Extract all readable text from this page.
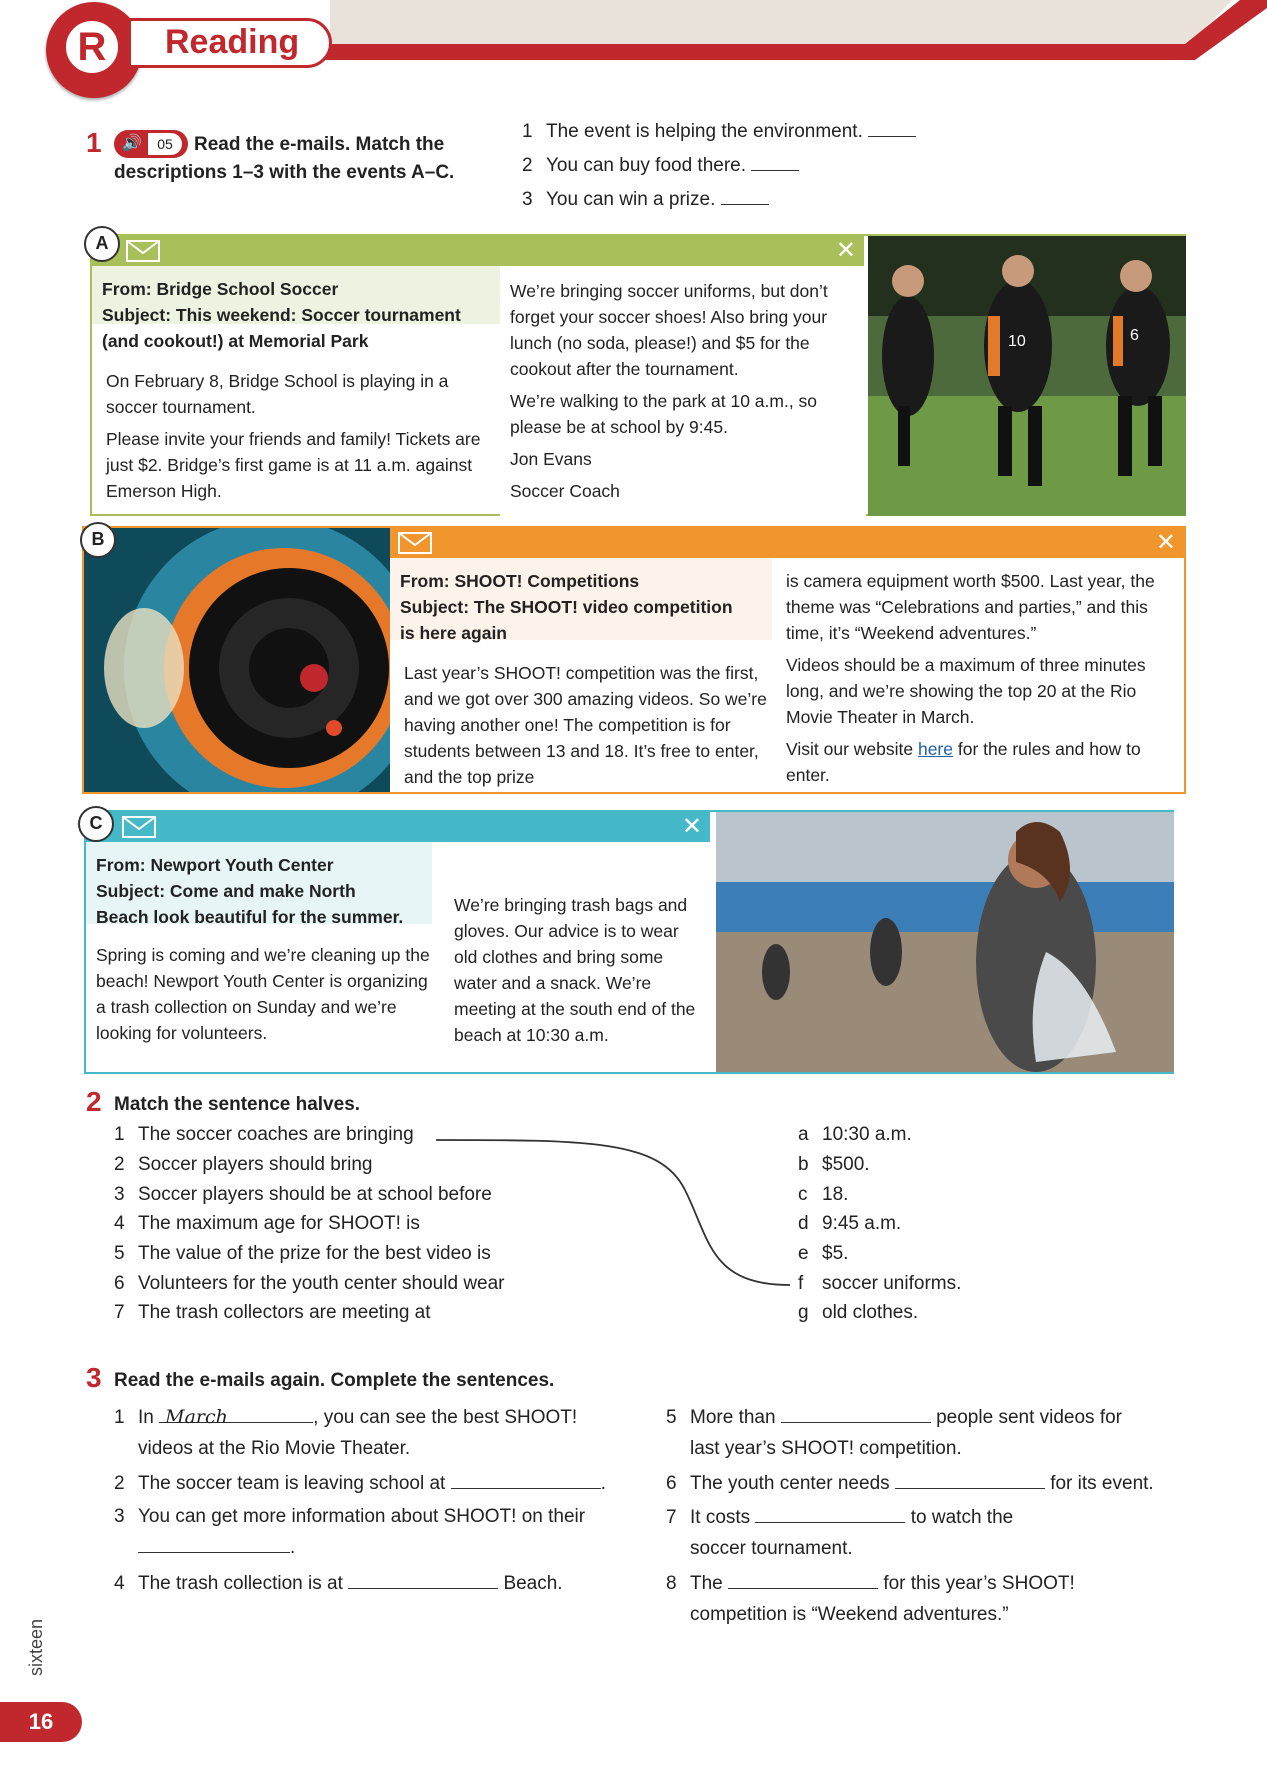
R	Reading
1 🔊	05	Read the e-mails. Match the
descriptions 1–3 with the events A–C.
1 The event is helping the environment.
2 You can buy food there.
3 You can win a prize.
✕
From: Bridge School Soccer
Subject: This weekend: Soccer tournament
(and cookout!) at Memorial Park

On February 8, Bridge School is playing in a soccer tournament.

Please invite your friends and family! Tickets are just $2. Bridge’s first game is at 11 a.m. against Emerson High.

We’re bringing soccer uniforms, but don’t forget your soccer shoes! Also bring your lunch (no soda, please!) and $5 for the cookout after the tournament.

We’re walking to the park at 10 a.m., so please be at school by 9:45.

Jon Evans

Soccer Coach

10	6
A
✕
From: SHOOT! Competitions
Subject: The SHOOT! video competition
is here again

Last year’s SHOOT! competition was the first, and we got over 300 amazing videos. So we’re having another one! The competition is for students between 13 and 18. It’s free to enter, and the top prize

is camera equipment worth $500. Last year, the theme was “Celebrations and parties,” and this time, it’s “Weekend adventures.”

Videos should be a maximum of three minutes long, and we’re showing the top 20 at the Rio Movie Theater in March.

Visit our website here for the rules and how to enter.

B
✕
From: Newport Youth Center
Subject: Come and make North
Beach look beautiful for the summer.

Spring is coming and we’re cleaning up the beach! Newport Youth Center is organizing a trash collection on Sunday and we’re looking for volunteers.

We’re bringing trash bags and gloves. Our advice is to wear old clothes and bring some water and a snack. We’re meeting at the south end of the beach at 10:30 a.m.

C
2 Match the sentence halves.
1 The soccer coaches are bringing
2 Soccer players should bring
3 Soccer players should be at school before
4 The maximum age for SHOOT! is
5 The value of the prize for the best video is
6 Volunteers for the youth center should wear
7 The trash collectors are meeting at
a 10:30 a.m.
b $500.
c 18.
d 9:45 a.m.
e $5.
f soccer uniforms.
g old clothes.
3 Read the e-mails again. Complete the sentences.
1 In March	, you can see the best SHOOT!
videos at the Rio Movie Theater.
2 The soccer team is leaving school at	.
3 You can get more information about SHOOT! on their
.
4 The trash collection is at	Beach.
5 More than	people sent videos for
last year’s SHOOT! competition.
6 The youth center needs	for its event.
7 It costs	to watch the
soccer tournament.
8 The	for this year’s SHOOT!
competition is “Weekend adventures.”
sixteen
16
